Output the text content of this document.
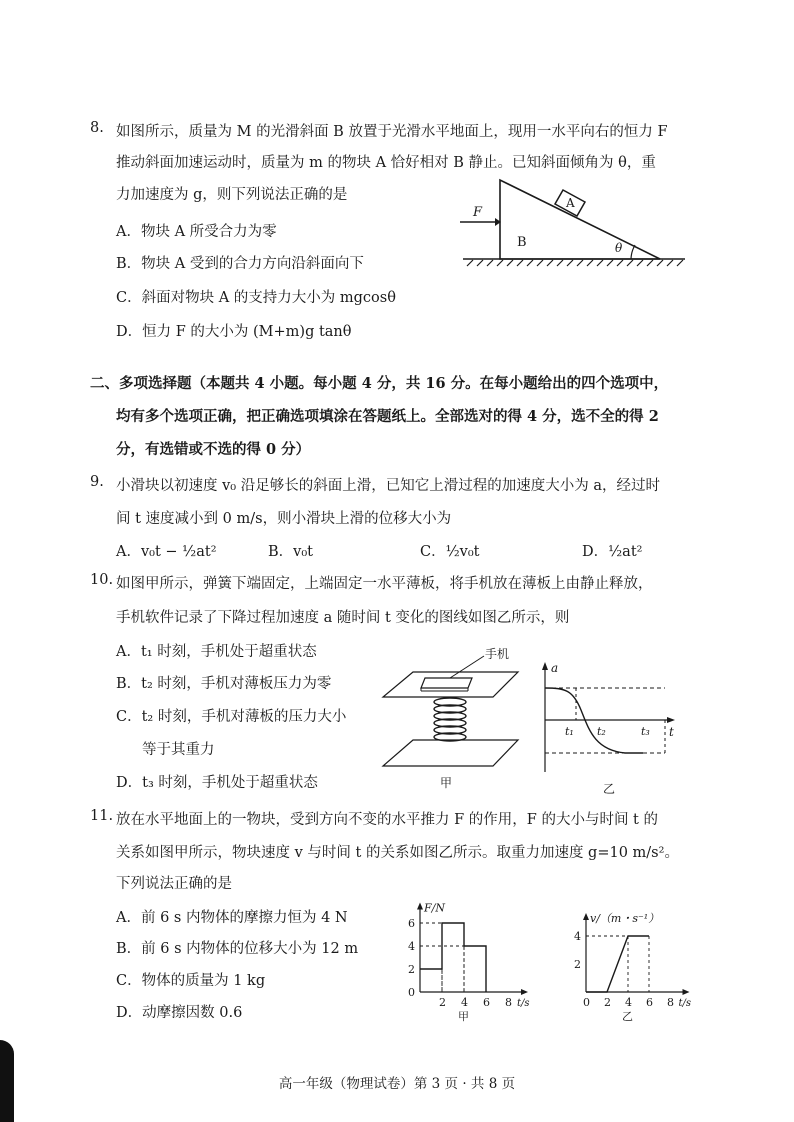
8. 如图所示，质量为 M 的光滑斜面 B 放置于光滑水平地面上，现用一水平向右的恒力 F
推动斜面加速运动时，质量为 m 的物块 A 恰好相对 B 静止。已知斜面倾角为 θ，重
力加速度为 g，则下列说法正确的是
A．物块 A 所受合力为零
B．物块 A 受到的合力方向沿斜面向下
C．斜面对物块 A 的支持力大小为 mgcosθ
D．恒力 F 的大小为 (M+m)g tanθ
A
F
B	θ
二、多项选择题（本题共 4 小题。每小题 4 分，共 16 分。在每小题给出的四个选项中，
均有多个选项正确，把正确选项填涂在答题纸上。全部选对的得 4 分，选不全的得 2
分，有选错或不选的得 0 分）
9. 小滑块以初速度 v₀ 沿足够长的斜面上滑，已知它上滑过程的加速度大小为 a，经过时
间 t 速度减小到 0 m/s，则小滑块上滑的位移大小为
A．v₀t − ½at²	B．v₀t	C．½v₀t	D．½at²
10. 如图甲所示，弹簧下端固定，上端固定一水平薄板，将手机放在薄板上由静止释放，
手机软件记录了下降过程加速度 a 随时间 t 变化的图线如图乙所示，则
A．t₁ 时刻，手机处于超重状态
B．t₂ 时刻，手机对薄板压力为零
C．t₂ 时刻，手机对薄板的压力大小
等于其重力
D．t₃ 时刻，手机处于超重状态
手机
甲
a
t
t₁ t₂	t₃
乙
11. 放在水平地面上的一物块，受到方向不变的水平推力 F 的作用，F 的大小与时间 t 的
关系如图甲所示，物块速度 v 与时间 t 的关系如图乙所示。取重力加速度 g=10 m/s²。
下列说法正确的是
A．前 6 s 内物体的摩擦力恒为 4 N
B．前 6 s 内物体的位移大小为 12 m
C．物体的质量为 1 kg
D．动摩擦因数 0.6
2 4 6 8
0
2
4
6
F/N
t/s
甲
0 2 4 6 8
2
4
v/（m・s⁻¹）
t/s
乙
高一年级（物理试卷）第 3 页 · 共 8 页
